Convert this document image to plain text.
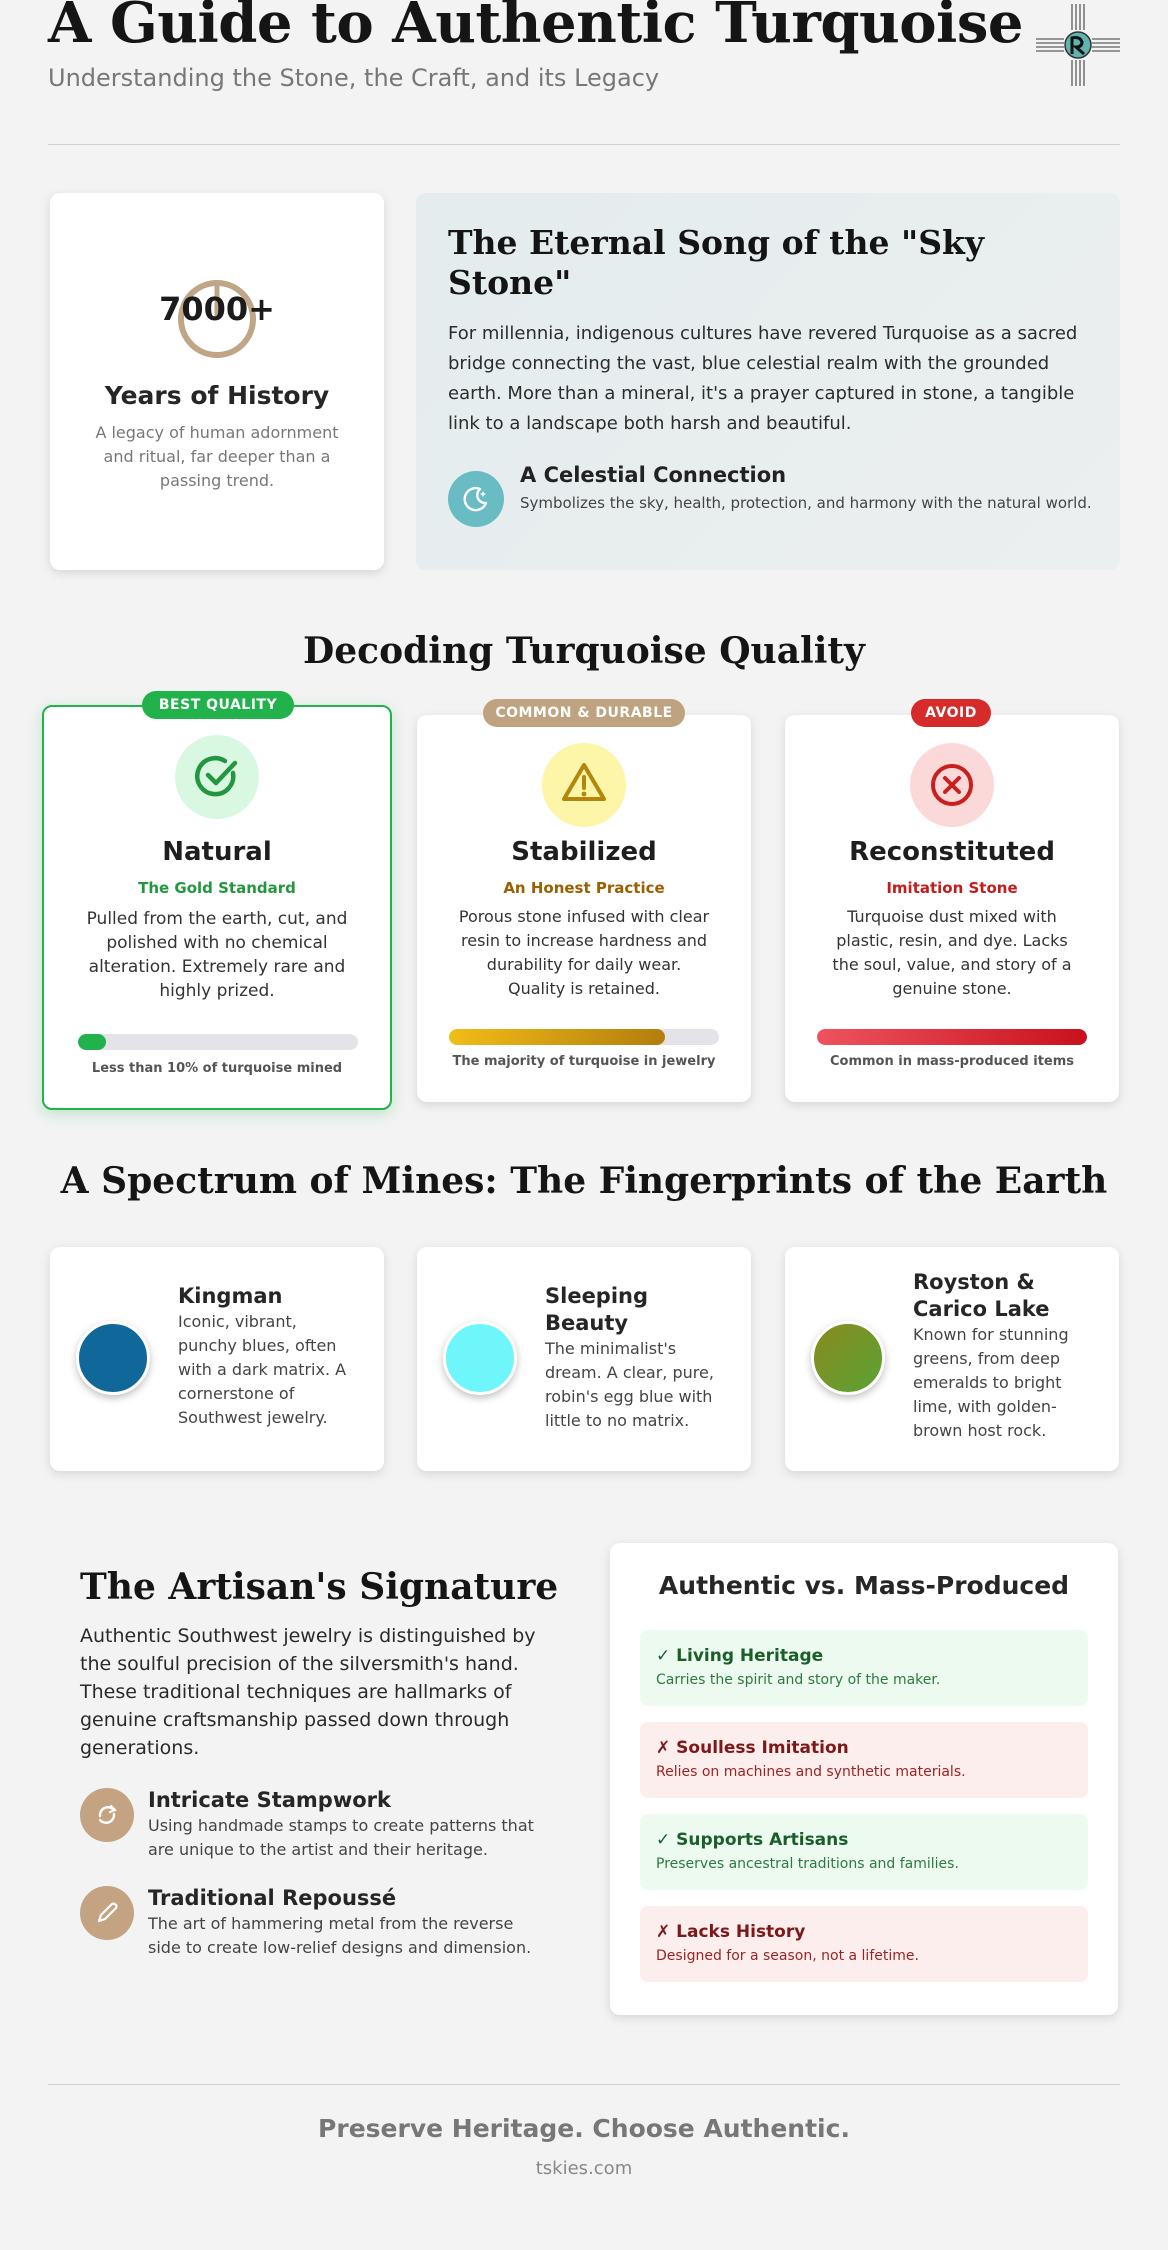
A Guide to Authentic Turquoise
Understanding the Stone, the Craft, and its Legacy
7000+
Years of History
A legacy of human adornment and ritual, far deeper than a passing trend.
The Eternal Song of the "Sky Stone"
For millennia, indigenous cultures have revered Turquoise as a sacred bridge connecting the vast, blue celestial realm with the grounded earth. More than a mineral, it's a prayer captured in stone, a tangible link to a landscape both harsh and beautiful.
A Celestial Connection
Symbolizes the sky, health, protection, and harmony with the natural world.
Decoding Turquoise Quality
BEST QUALITY
Natural
The Gold Standard
Pulled from the earth, cut, and polished with no chemical alteration. Extremely rare and highly prized.
Less than 10% of turquoise mined
COMMON & DURABLE
Stabilized
An Honest Practice
Porous stone infused with clear resin to increase hardness and durability for daily wear. Quality is retained.
The majority of turquoise in jewelry
AVOID
Reconstituted
Imitation Stone
Turquoise dust mixed with plastic, resin, and dye. Lacks the soul, value, and story of a genuine stone.
Common in mass-produced items
A Spectrum of Mines: The Fingerprints of the Earth
Kingman
Iconic, vibrant, punchy blues, often with a dark matrix. A cornerstone of Southwest jewelry.
Sleeping Beauty
The minimalist's dream. A clear, pure, robin's egg blue with little to no matrix.
Royston & Carico Lake
Known for stunning greens, from deep emeralds to bright lime, with golden-brown host rock.
The Artisan's Signature
Authentic Southwest jewelry is distinguished by the soulful precision of the silversmith's hand. These traditional techniques are hallmarks of genuine craftsmanship passed down through generations.
Intricate Stampwork
Using handmade stamps to create patterns that are unique to the artist and their heritage.
Traditional Repoussé
The art of hammering metal from the reverse side to create low-relief designs and dimension.
Authentic vs. Mass-Produced
✓ Living Heritage
Carries the spirit and story of the maker.
✗ Soulless Imitation
Relies on machines and synthetic materials.
✓ Supports Artisans
Preserves ancestral traditions and families.
✗ Lacks History
Designed for a season, not a lifetime.
Preserve Heritage. Choose Authentic.
tskies.com
